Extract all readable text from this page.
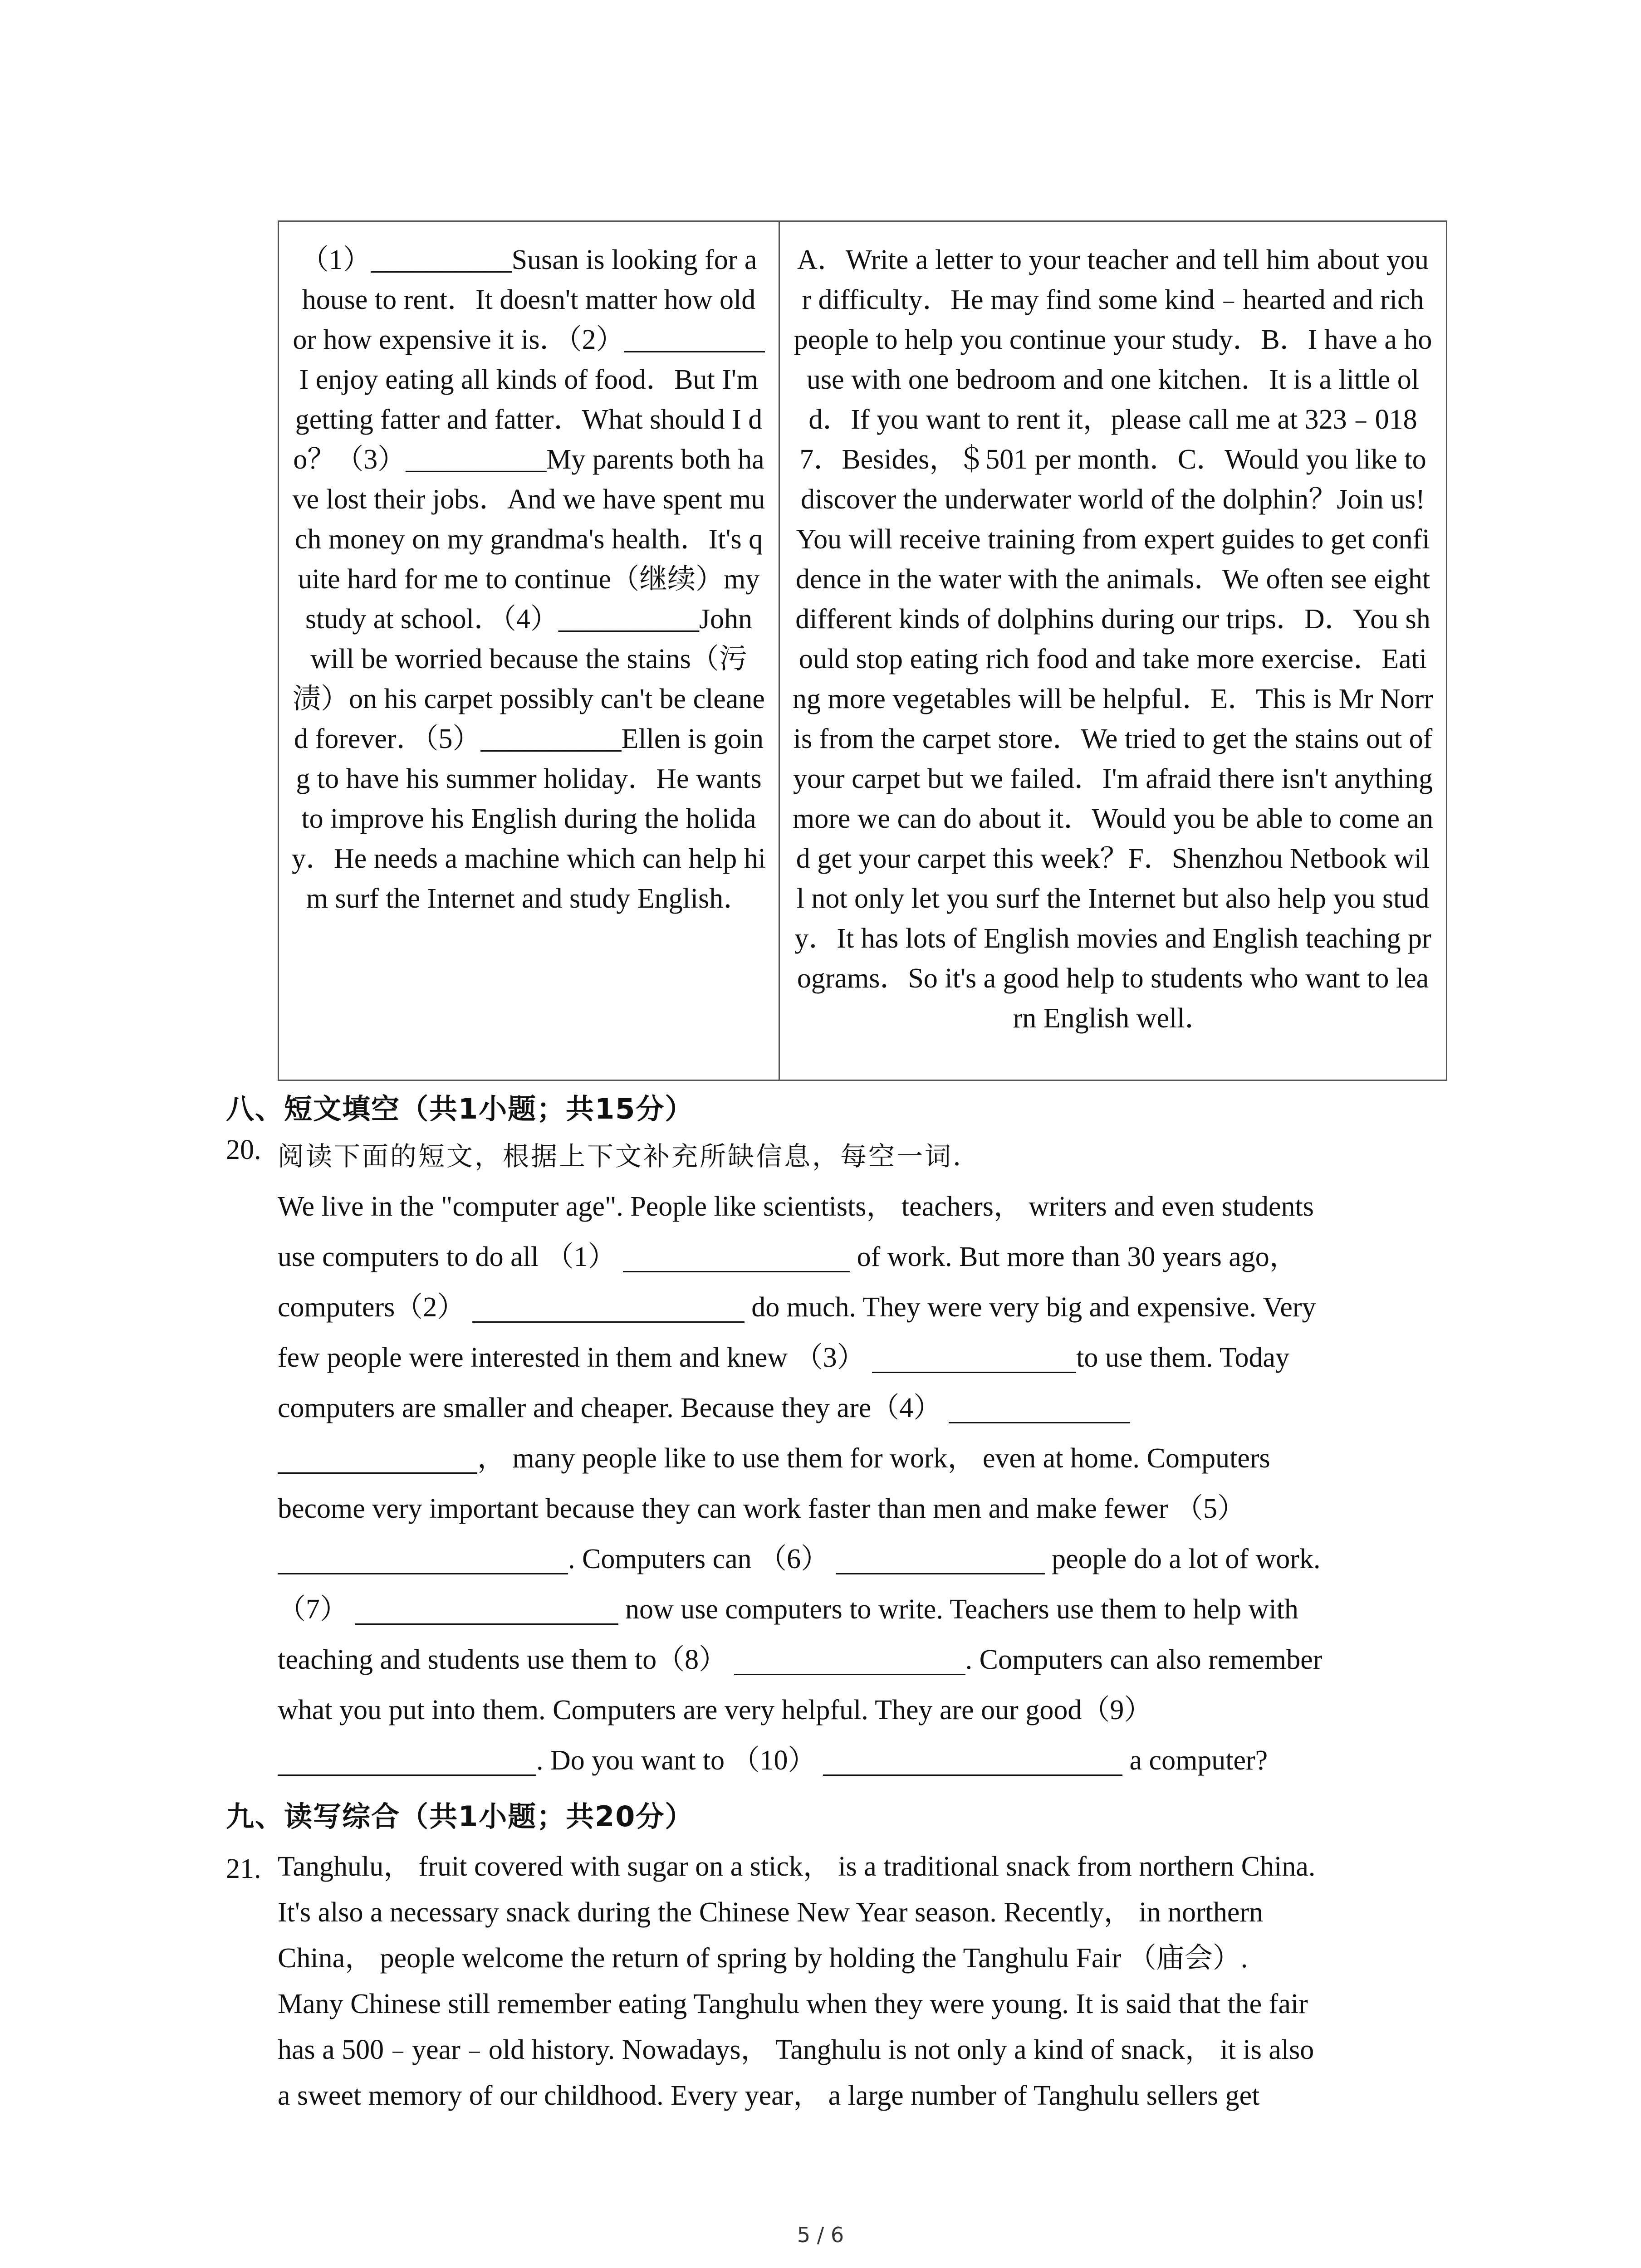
（1）__________Susan is looking for a house to rent．It doesn't matter how old or how expensive it is．（2）__________I enjoy eating all kinds of food．But I'm getting fatter and fatter．What should I do？（3）__________My parents both have lost their jobs．And we have spent much money on my grandma's health．It's quite hard for me to continue（继续）my study at school．（4）__________John will be worried because the stains（污渍）on his carpet possibly can't be cleaned forever．（5）__________Ellen is going to have his summer holiday．He wants to improve his English during the holiday．He needs a machine which can help him surf the Internet and study English．

A．Write a letter to your teacher and tell him about your difficulty．He may find some kind﹣hearted and rich people to help you continue your study．B．I have a house with one bedroom and one kitchen．It is a little old．If you want to rent it，please call me at 323﹣0187．Besides，＄501 per month．C．Would you like to discover the underwater world of the dolphin？Join us!You will receive training from expert guides to get confidence in the water with the animals．We often see eight different kinds of dolphins during our trips．D．You should stop eating rich food and take more exercise．Eating more vegetables will be helpful．E．This is Mr Norris from the carpet store．We tried to get the stains out of your carpet but we failed．I'm afraid there isn't anything more we can do about it．Would you be able to come and get your carpet this week？F．Shenzhou Netbook will not only let you surf the Internet but also help you study．It has lots of English movies and English teaching programs．So it's a good help to students who want to learn English well．
八、短文填空（共1小题；共15分）
20. 阅读下面的短文，根据上下文补充所缺信息，每空一词．
We live in the "computer age". People like scientists， teachers， writers and even students
use computers to do all （1）	of work. But more than 30 years ago，
computers（2）	do much. They were very big and expensive. Very
few people were interested in them and knew （3）	to use them. Today
computers are smaller and cheaper. Because they are（4）
， many people like to use them for work， even at home. Computers
become very important because they can work faster than men and make fewer （5）
. Computers can （6）	people do a lot of work.
（7）	now use computers to write. Teachers use them to help with
teaching and students use them to（8）	. Computers can also remember
what you put into them. Computers are very helpful. They are our good（9）
. Do you want to （10）	a computer?
九、读写综合（共1小题；共20分）
21. Tanghulu， fruit covered with sugar on a stick， is a traditional snack from northern China.
It's also a necessary snack during the Chinese New Year season. Recently， in northern
China， people welcome the return of spring by holding the Tanghulu Fair （庙会）.
Many Chinese still remember eating Tanghulu when they were young. It is said that the fair
has a 500﹣year﹣old history. Nowadays， Tanghulu is not only a kind of snack， it is also
a sweet memory of our childhood. Every year， a large number of Tanghulu sellers get
5 / 6
